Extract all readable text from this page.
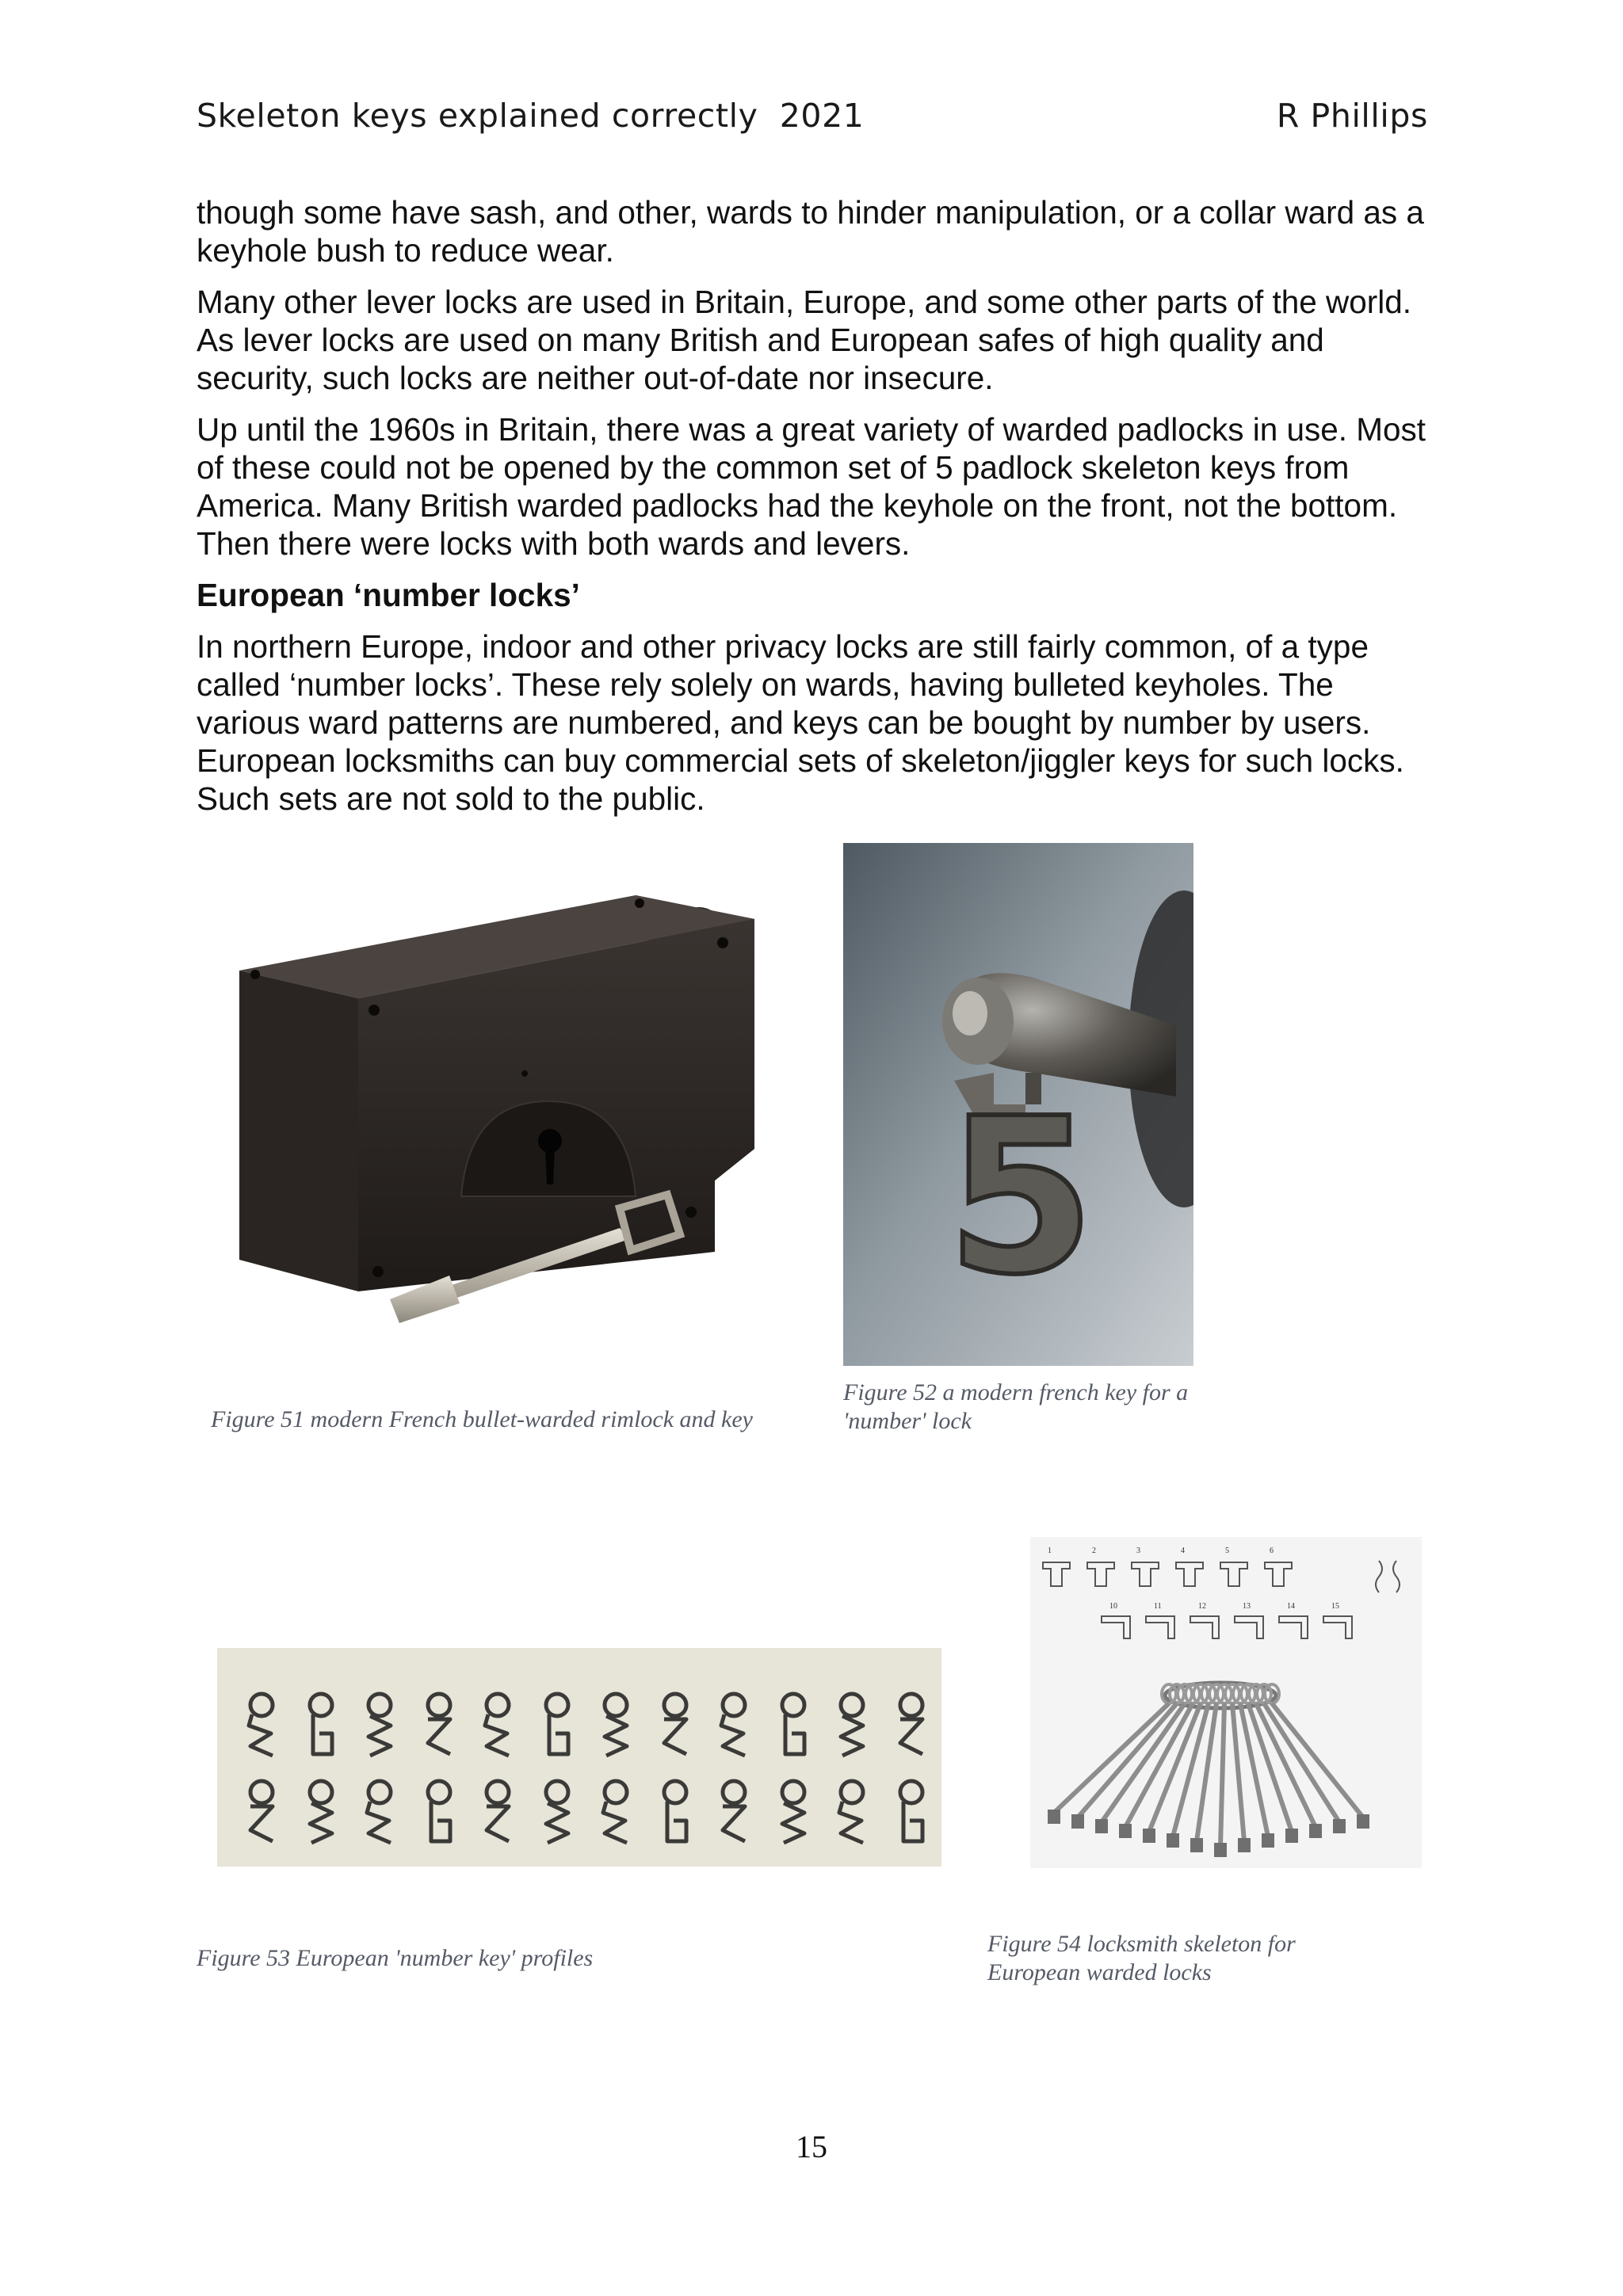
Skeleton keys explained correctly  2021	R Phillips

though some have sash, and other, wards to hinder manipulation, or a collar ward as a keyhole bush to reduce wear.

Many other lever locks are used in Britain, Europe, and some other parts of the world. As lever locks are used on many British and European safes of high quality and security, such locks are neither out-of-date nor insecure.

Up until the 1960s in Britain, there was a great variety of warded padlocks in use. Most of these could not be opened by the common set of 5 padlock skeleton keys from America. Many British warded padlocks had the keyhole on the front, not the bottom. Then there were locks with both wards and levers.

European ‘number locks’

In northern Europe, indoor and other privacy locks are still fairly common, of a type called ‘number locks’. These rely solely on wards, having bulleted keyholes. The various ward patterns are numbered, and keys can be bought by number by users. European locksmiths can buy commercial sets of skeleton/jiggler keys for such locks. Such sets are not sold to the public.

Figure 51 modern French bullet-warded rimlock and key
5
Figure 52 a modern french key for a 'number' lock
Figure 53 European 'number key' profiles
1	2	3	4	5	6
10	11	12	13	14	15
Figure 54 locksmith skeleton for European warded locks
15
